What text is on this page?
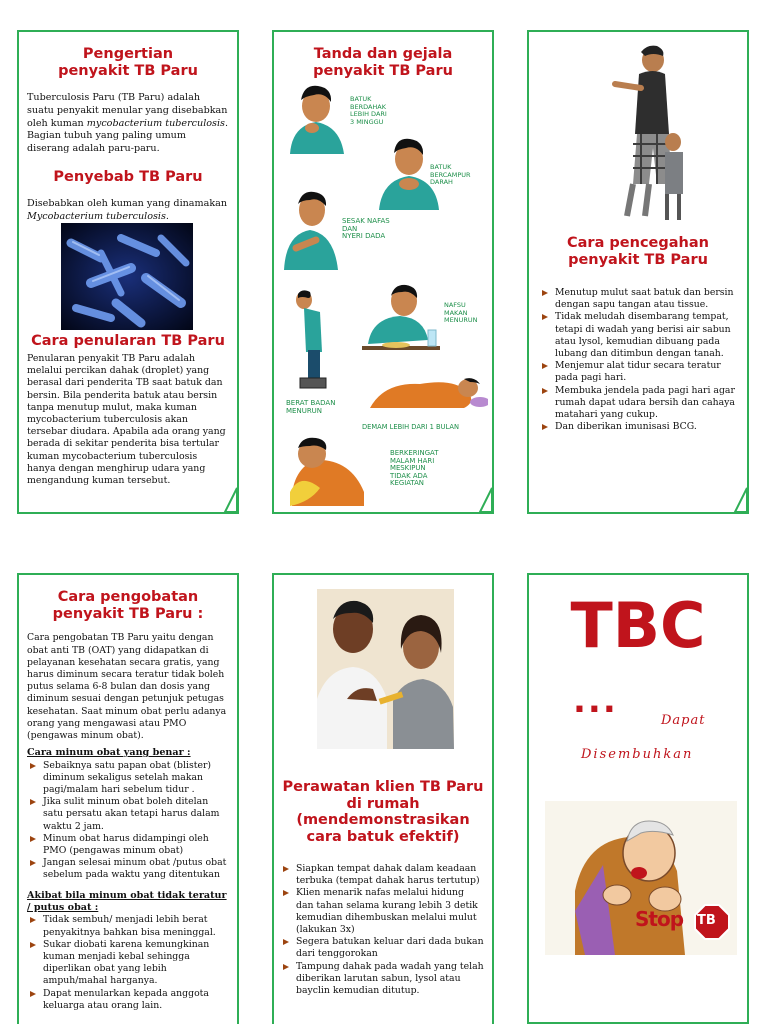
Pengertian penyakit TB Paru

Tuberculosis Paru (TB Paru) adalah suatu penyakit menular yang disebabkan oleh kuman mycobacterium tuberculosis. Bagian tubuh yang paling umum diserang adalah paru-paru.

Penyebab TB Paru

Disebabkan oleh kuman yang dinamakan Mycobacterium tuberculosis.

Cara penularan TB Paru

Penularan penyakit TB Paru adalah melalui percikan dahak (droplet) yang berasal dari penderita TB saat batuk dan bersin. Bila penderita batuk atau bersin tanpa menutup mulut, maka kuman mycobacterium tuberculosis akan tersebar diudara. Apabila ada orang yang berada di sekitar penderita bisa tertular kuman mycobacterium tuberculosis hanya dengan menghirup udara yang mengandung kuman tersebut.

Tanda dan gejala penyakit TB Paru
BATUK
BERDAHAK
LEBIH DARI
3 MINGGU
BATUK
BERCAMPUR
DARAH
SESAK NAFAS
DAN
NYERI DADA
NAFSU
MAKAN
MENURUN
BERAT BADAN
MENURUN
DEMAM LEBIH DARI 1 BULAN
BERKERINGAT
MALAM HARI
MESKIPUN
TIDAK ADA
KEGIATAN
Cara pencegahan penyakit TB Paru
Menutup mulut saat batuk dan bersin dengan sapu tangan atau tissue.
Tidak meludah disembarang tempat, tetapi di wadah yang berisi air sabun atau lysol, kemudian dibuang pada lubang dan ditimbun dengan tanah.
Menjemur alat tidur secara teratur pada pagi hari.
Membuka jendela pada pagi hari agar rumah dapat udara bersih dan cahaya matahari yang cukup.
Dan diberikan imunisasi BCG.
Cara pengobatan penyakit TB Paru :

Cara pengobatan TB Paru yaitu dengan obat anti TB (OAT) yang didapatkan di pelayanan kesehatan secara gratis, yang harus diminum secara teratur tidak boleh putus selama 6-8 bulan dan dosis yang diminum sesuai dengan petunjuk petugas kesehatan. Saat minum obat perlu adanya orang yang mengawasi atau PMO (pengawas minum obat).

Cara minum obat yang benar :

Sebaiknya satu papan obat (blister) diminum sekaligus setelah makan pagi/malam hari sebelum tidur .
Jika sulit minum obat boleh ditelan satu persatu akan tetapi harus dalam waktu 2 jam.
Minum obat harus didampingi oleh PMO (pengawas minum obat)
Jangan selesai minum obat /putus obat sebelum pada waktu yang ditentukan

Akibat bila minum obat tidak teratur / putus obat :

Tidak sembuh/ menjadi lebih berat penyakitnya bahkan bisa meninggal.
Sukar diobati karena kemungkinan kuman menjadi kebal sehingga diperlikan obat yang lebih ampuh/mahal harganya.
Dapat menularkan kepada anggota keluarga atau orang lain.
Perawatan klien TB Paru di rumah
(mendemonstrasikan cara batuk efektif)
Siapkan tempat dahak dalam keadaan terbuka (tempat dahak harus tertutup)
Klien menarik nafas melalui hidung dan tahan selama kurang lebih 3 detik kemudian dihembuskan melalui mulut (lakukan 3x)
Segera batukan keluar dari dada bukan dari tenggorokan
Tampung dahak pada wadah yang telah diberikan larutan sabun, lysol atau bayclin kemudian ditutup.
TBC
...	Dapat
Disembuhkan
Stop TB
